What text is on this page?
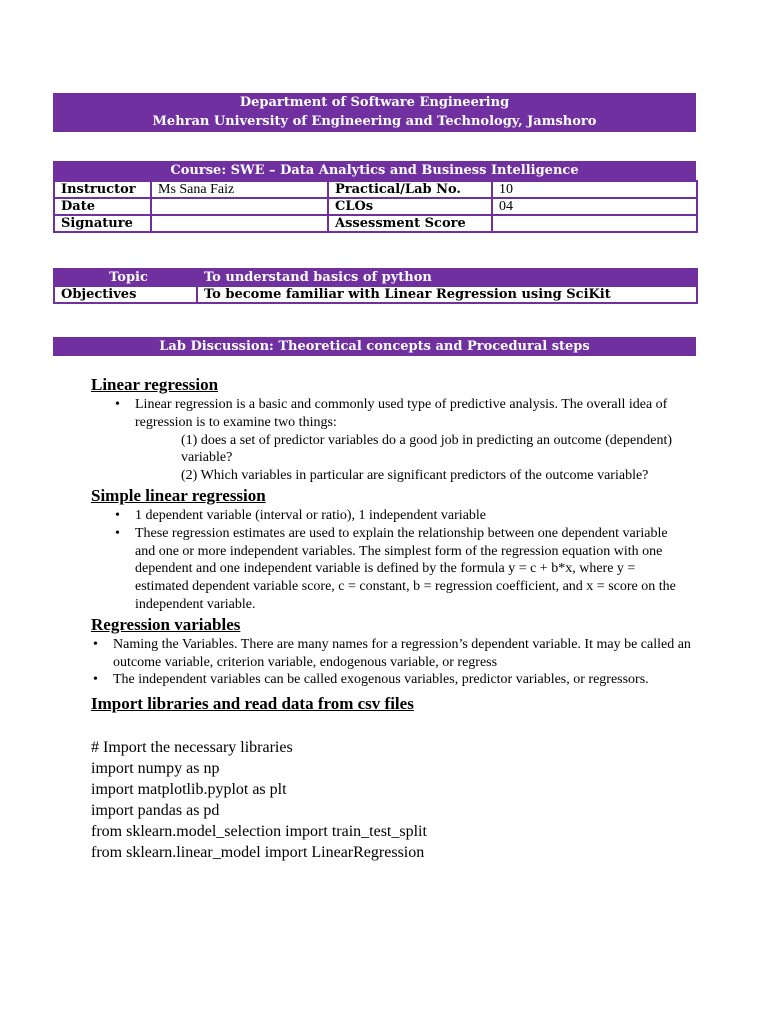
Department of Software Engineering
Mehran University of Engineering and Technology, Jamshoro
Course: SWE – Data Analytics and Business Intelligence
Instructor	Ms Sana Faiz	Practical/Lab No.	10
Date		CLOs	04
Signature		Assessment Score	
Topic	To understand basics of python
Objectives	To become familiar with Linear Regression using SciKit
Lab Discussion: Theoretical concepts and Procedural steps
Linear regression
• Linear regression is a basic and commonly used type of predictive analysis. The overall idea of regression is to examine two things:
(1) does a set of predictor variables do a good job in predicting an outcome (dependent) variable?
(2) Which variables in particular are significant predictors of the outcome variable?
Simple linear regression
• 1 dependent variable (interval or ratio), 1 independent variable
• These regression estimates are used to explain the relationship between one dependent variable and one or more independent variables. The simplest form of the regression equation with one dependent and one independent variable is defined by the formula y = c + b*x, where y = estimated dependent variable score, c = constant, b = regression coefficient, and x = score on the independent variable.
Regression variables
• Naming the Variables. There are many names for a regression’s dependent variable. It may be called an outcome variable, criterion variable, endogenous variable, or regress
• The independent variables can be called exogenous variables, predictor variables, or regressors.
Import libraries and read data from csv files
# Import the necessary libraries
import numpy as np
import matplotlib.pyplot as plt
import pandas as pd
from sklearn.model_selection import train_test_split
from sklearn.linear_model import LinearRegression
